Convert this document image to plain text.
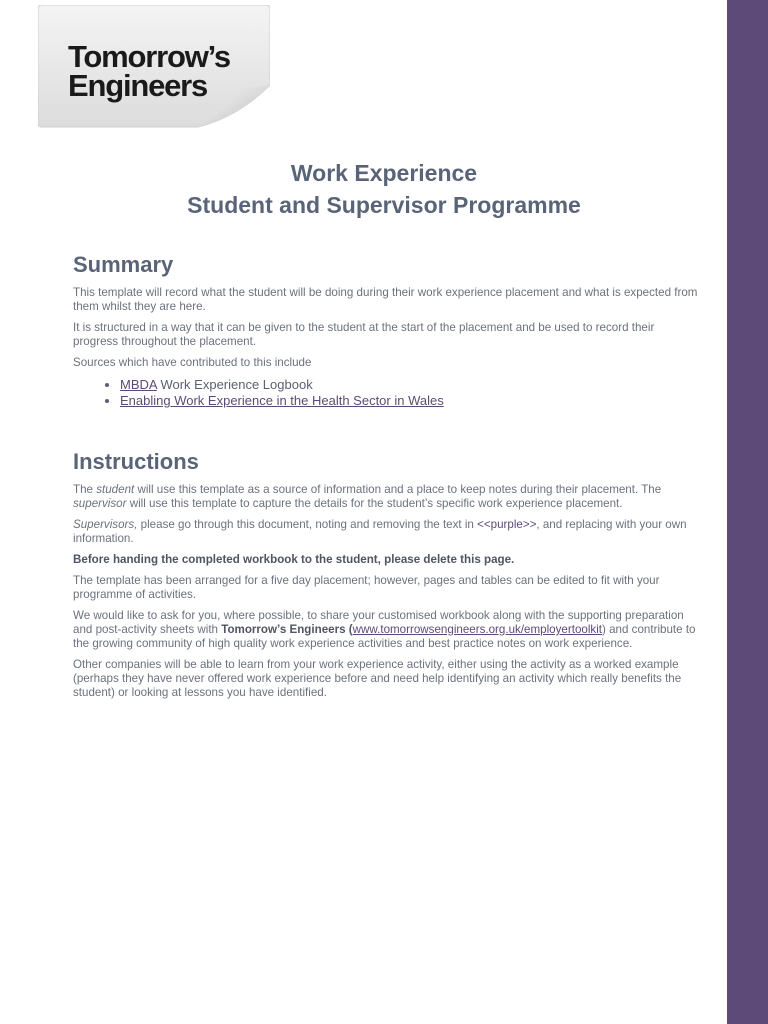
Tomorrow’s
Engineers

Work Experience

Student and Supervisor Programme

Summary

This template will record what the student will be doing during their work experience placement and what is expected from them whilst they are here.

It is structured in a way that it can be given to the student at the start of the placement and be used to record their progress throughout the placement.

Sources which have contributed to this include

• MBDA Work Experience Logbook
• Enabling Work Experience in the Health Sector in Wales
Instructions

The student will use this template as a source of information and a place to keep notes during their placement. The supervisor will use this template to capture the details for the student’s specific work experience placement.

Supervisors, please go through this document, noting and removing the text in <<purple>>, and replacing with your own information.

Before handing the completed workbook to the student, please delete this page.

The template has been arranged for a five day placement; however, pages and tables can be edited to fit with your programme of activities.

We would like to ask for you, where possible, to share your customised workbook along with the supporting preparation and post-activity sheets with Tomorrow’s Engineers (www.tomorrowsengineers.org.uk/employertoolkit) and contribute to the growing community of high quality work experience activities and best practice notes on work experience.

Other companies will be able to learn from your work experience activity, either using the activity as a worked example (perhaps they have never offered work experience before and need help identifying an activity which really benefits the student) or looking at lessons you have identified.
